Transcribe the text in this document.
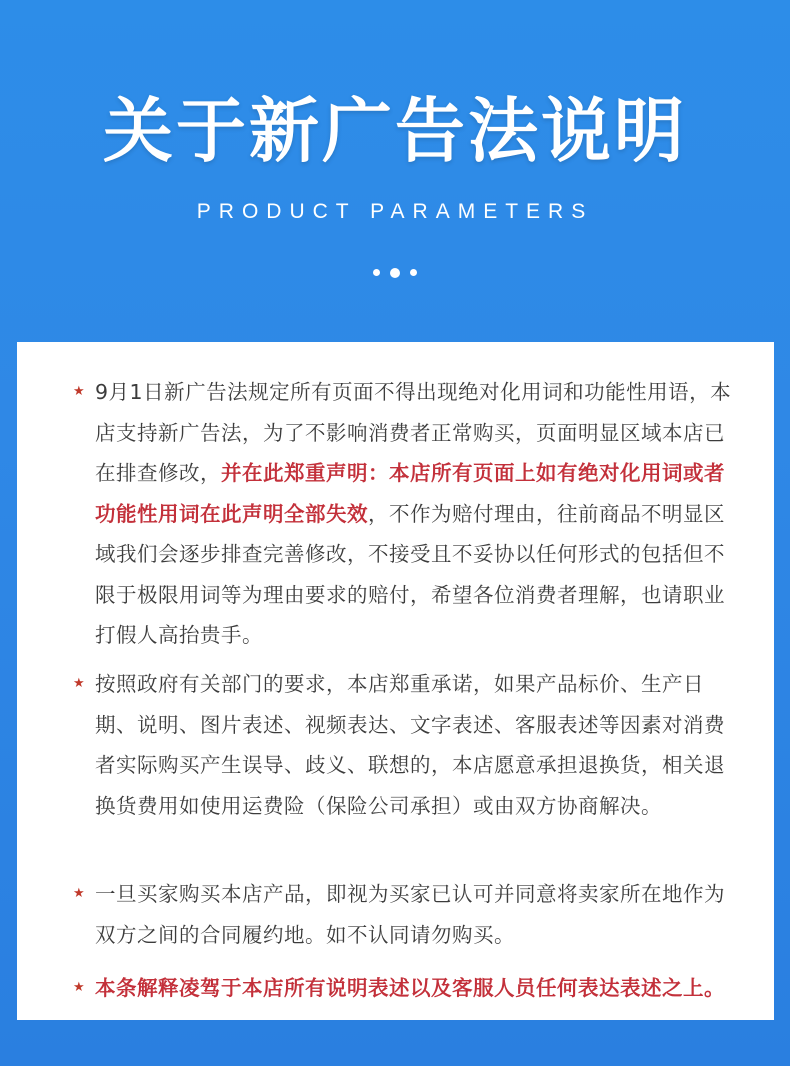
关于新广告法说明
PRODUCT PARAMETERS
★ 9月1日新广告法规定所有页面不得出现绝对化用词和功能性用语，本店支持新广告法，为了不影响消费者正常购买，页面明显区域本店已在排查修改，并在此郑重声明：本店所有页面上如有绝对化用词或者功能性用词在此声明全部失效，不作为赔付理由，往前商品不明显区域我们会逐步排查完善修改，不接受且不妥协以任何形式的包括但不限于极限用词等为理由要求的赔付，希望各位消费者理解，也请职业打假人高抬贵手。
★ 按照政府有关部门的要求，本店郑重承诺，如果产品标价、生产日期、说明、图片表述、视频表达、文字表述、客服表述等因素对消费者实际购买产生误导、歧义、联想的，本店愿意承担退换货，相关退换货费用如使用运费险（保险公司承担）或由双方协商解决。
★ 一旦买家购买本店产品，即视为买家已认可并同意将卖家所在地作为双方之间的合同履约地。如不认同请勿购买。
★ 本条解释凌驾于本店所有说明表述以及客服人员任何表达表述之上。
